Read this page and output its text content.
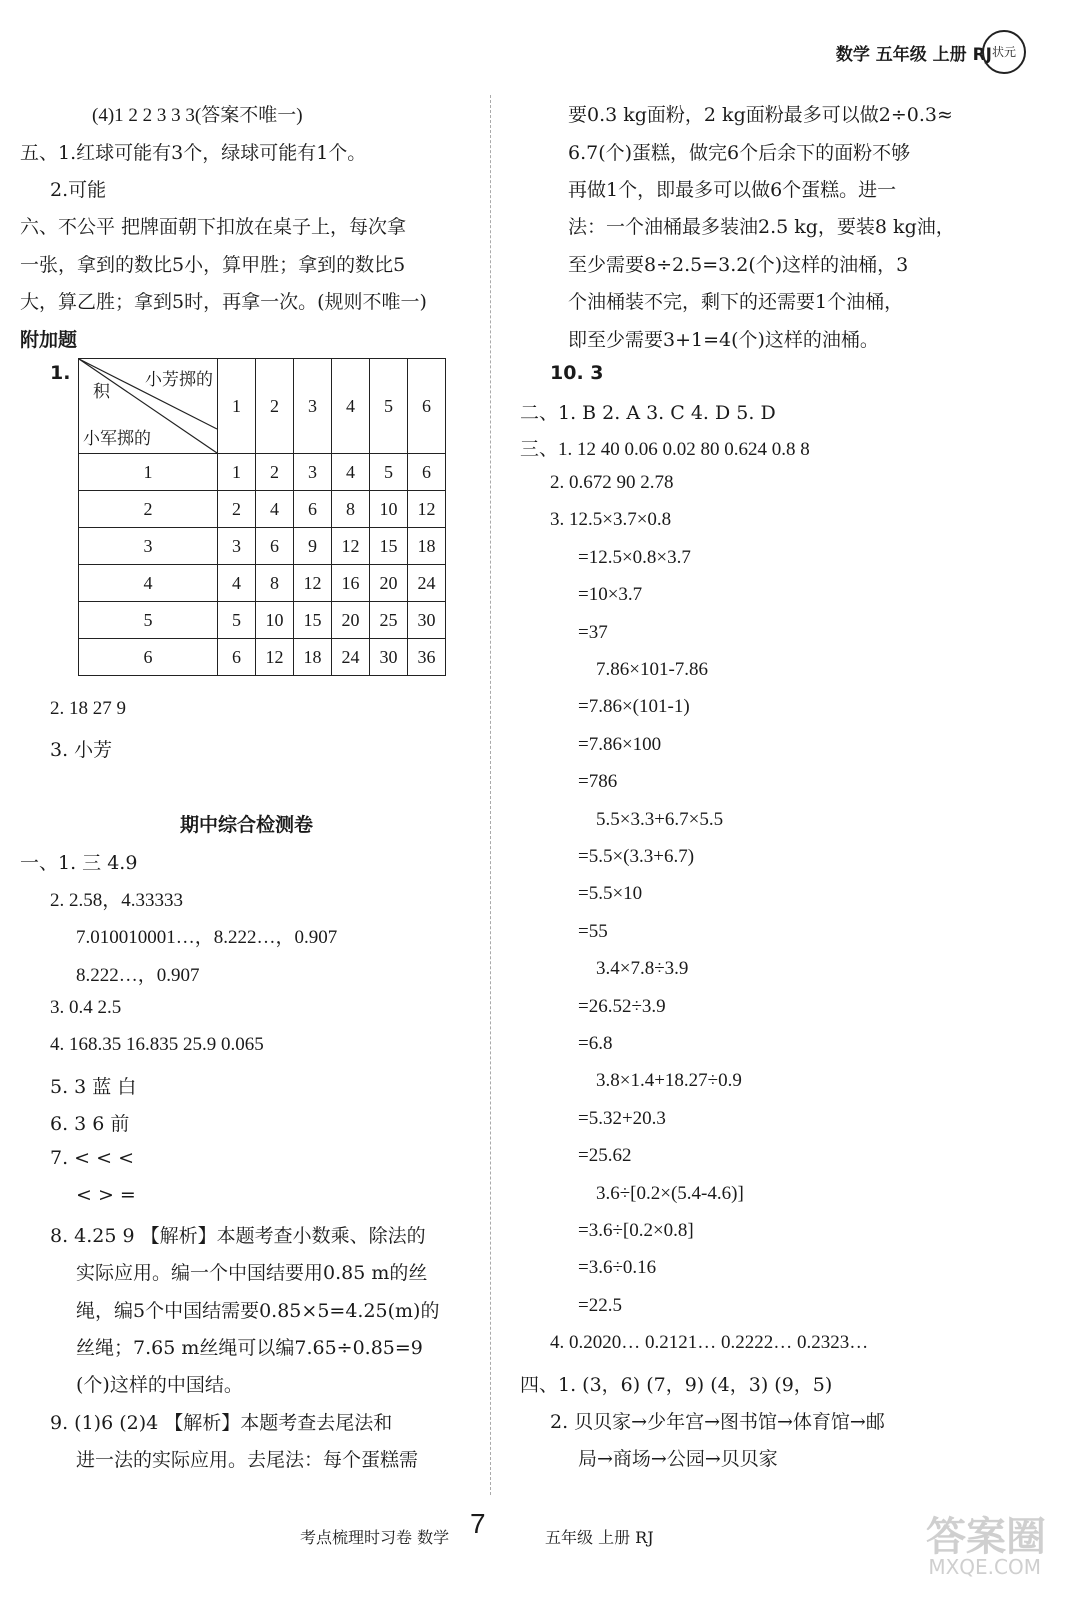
数学 五年级 上册 RJ 状元
(4)1 2 2 3 3 3(答案不唯一)
五、1.红球可能有3个，绿球可能有1个。
2.可能
六、不公平 把牌面朝下扣放在桌子上，每次拿
一张，拿到的数比5小，算甲胜；拿到的数比5
大，算乙胜；拿到5时，再拿一次。(规则不唯一)
附加题
1.	小芳掷的
积
小军掷的	1	2	3	4	5	6
1	1	2	3	4	5	6
2	2	4	6	8	10	12
3	3	6	9	12	15	18
4	4	8	12	16	20	24
5	5	10	15	20	25	30
6	6	12	18	24	30	36
2. 18 27 9
3. 小芳
期中综合检测卷
一、1. 三 4.9
2. 2.58，4.33333
7.010010001…，8.222…，0.907
8.222…，0.907
3. 0.4 2.5
4. 168.35 16.835 25.9 0.065
5. 3 蓝 白
6. 3 6 前
7. < < <
< > =
8. 4.25 9 【解析】本题考查小数乘、除法的
实际应用。编一个中国结要用0.85 m的丝
绳，编5个中国结需要0.85×5=4.25(m)的
丝绳；7.65 m丝绳可以编7.65÷0.85=9
(个)这样的中国结。
9. (1)6 (2)4 【解析】本题考查去尾法和
进一法的实际应用。去尾法：每个蛋糕需
要0.3 kg面粉，2 kg面粉最多可以做2÷0.3≈
6.7(个)蛋糕，做完6个后余下的面粉不够
再做1个，即最多可以做6个蛋糕。进一
法：一个油桶最多装油2.5 kg，要装8 kg油，
至少需要8÷2.5=3.2(个)这样的油桶，3
个油桶装不完，剩下的还需要1个油桶，
即至少需要3+1=4(个)这样的油桶。
10. 3
二、1. B 2. A 3. C 4. D 5. D
三、1. 12 40 0.06 0.02 80 0.624 0.8 8
2. 0.672 90 2.78
3. 12.5×3.7×0.8
=12.5×0.8×3.7
=10×3.7
=37
7.86×101-7.86
=7.86×(101-1)
=7.86×100
=786
5.5×3.3+6.7×5.5
=5.5×(3.3+6.7)
=5.5×10
=55
3.4×7.8÷3.9
=26.52÷3.9
=6.8
3.8×1.4+18.27÷0.9
=5.32+20.3
=25.62
3.6÷[0.2×(5.4-4.6)]
=3.6÷[0.2×0.8]
=3.6÷0.16
=22.5
4. 0.2020… 0.2121… 0.2222… 0.2323…
四、1. (3，6) (7，9) (4，3) (9，5)
2. 贝贝家→少年宫→图书馆→体育馆→邮
局→商场→公园→贝贝家
考点梳理时习卷 数学 7	五年级 上册 RJ	答案圈
MXQE.COM
